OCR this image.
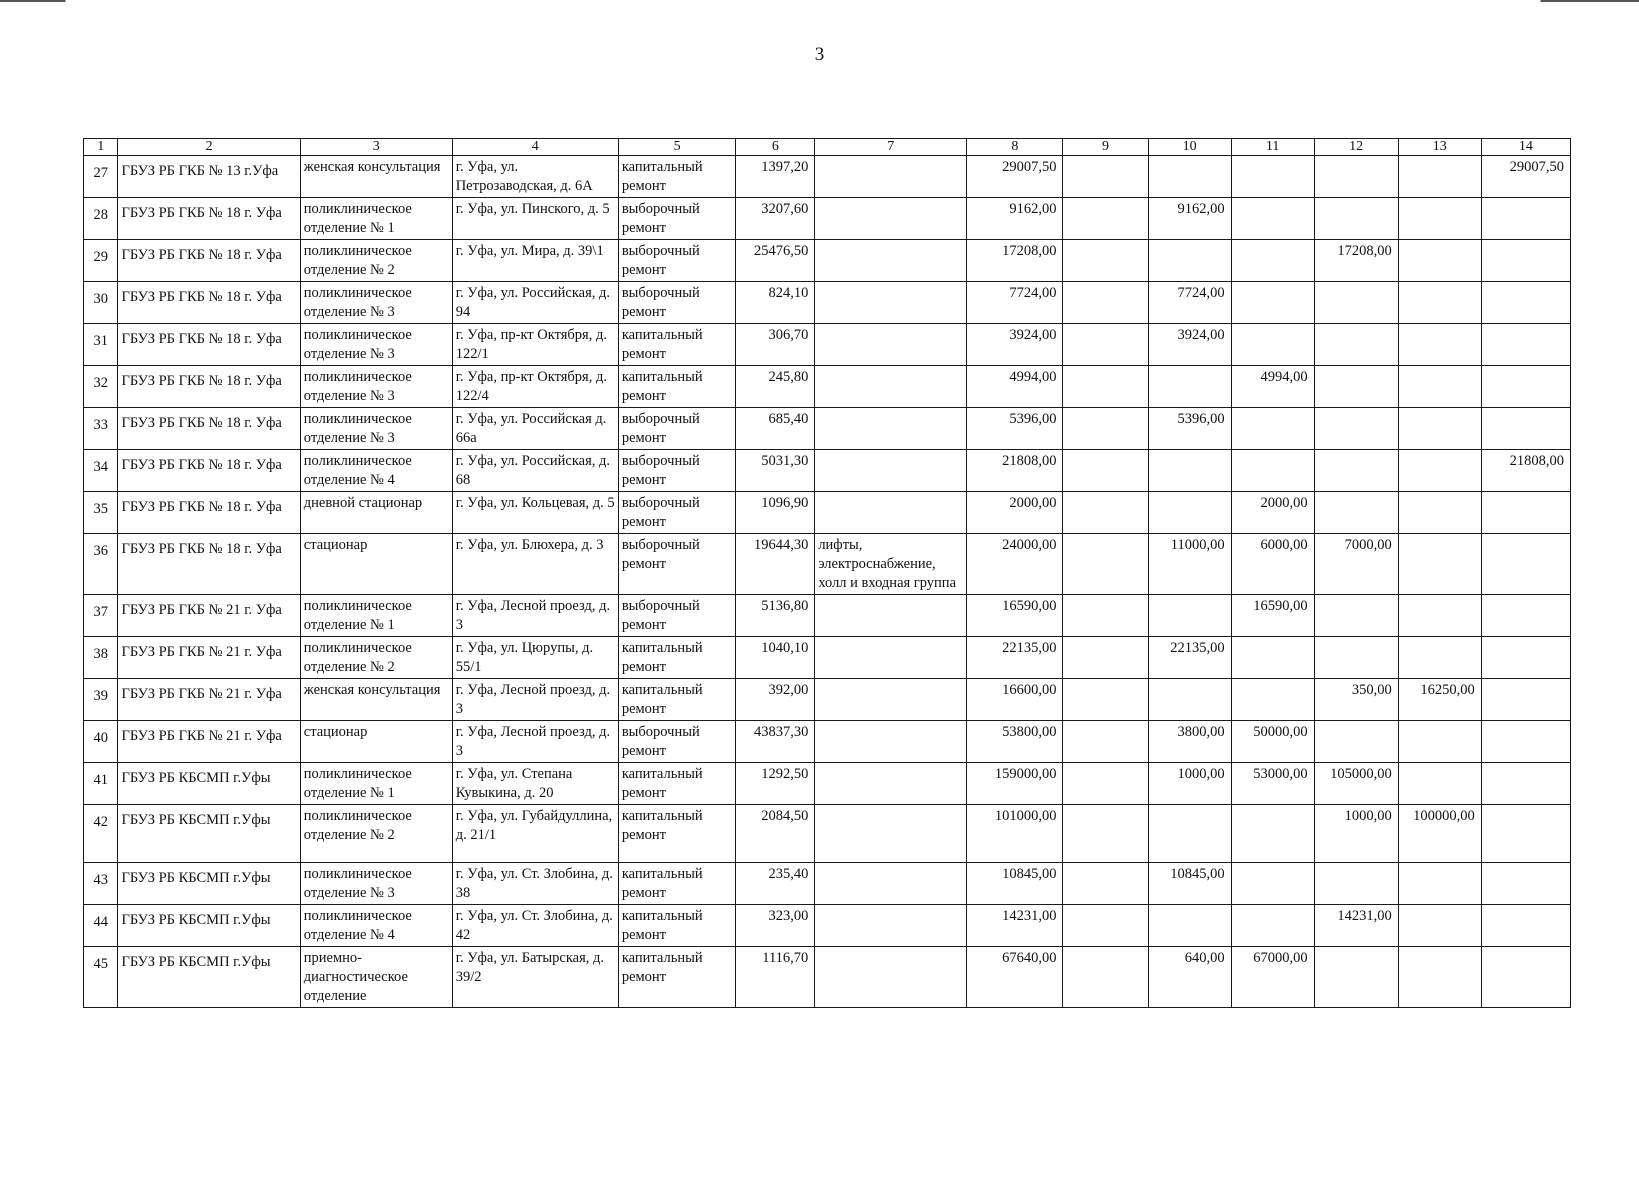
3
1	2	3	4	5	6	7	8	9	10	11	12	13	14
27	ГБУЗ РБ ГКБ № 13 г.Уфа	женская консультация	г. Уфа, ул. Петрозаводская, д. 6А	капитальный ремонт	1397,20		29007,50						29007,50
28	ГБУЗ РБ ГКБ № 18 г. Уфа	поликлиническое отделение № 1	г. Уфа, ул. Пинского, д. 5	выборочный ремонт	3207,60		9162,00		9162,00				
29	ГБУЗ РБ ГКБ № 18 г. Уфа	поликлиническое отделение № 2	г. Уфа, ул. Мира, д. 39\1	выборочный ремонт	25476,50		17208,00				17208,00		
30	ГБУЗ РБ ГКБ № 18 г. Уфа	поликлиническое отделение № 3	г. Уфа, ул. Российская, д. 94	выборочный ремонт	824,10		7724,00		7724,00				
31	ГБУЗ РБ ГКБ № 18 г. Уфа	поликлиническое отделение № 3	г. Уфа, пр-кт Октября, д. 122/1	капитальный ремонт	306,70		3924,00		3924,00				
32	ГБУЗ РБ ГКБ № 18 г. Уфа	поликлиническое отделение № 3	г. Уфа, пр-кт Октября, д. 122/4	капитальный ремонт	245,80		4994,00			4994,00			
33	ГБУЗ РБ ГКБ № 18 г. Уфа	поликлиническое отделение № 3	г. Уфа, ул. Российская д. 66а	выборочный ремонт	685,40		5396,00		5396,00				
34	ГБУЗ РБ ГКБ № 18 г. Уфа	поликлиническое отделение № 4	г. Уфа, ул. Российская, д. 68	выборочный ремонт	5031,30		21808,00						21808,00
35	ГБУЗ РБ ГКБ № 18 г. Уфа	дневной стационар	г. Уфа, ул. Кольцевая, д. 5	выборочный ремонт	1096,90		2000,00			2000,00			
36	ГБУЗ РБ ГКБ № 18 г. Уфа	стационар	г. Уфа, ул. Блюхера, д. 3	выборочный ремонт	19644,30	лифты, электроснабжение, холл и входная группа	24000,00		11000,00	6000,00	7000,00		
37	ГБУЗ РБ ГКБ № 21 г. Уфа	поликлиническое отделение № 1	г. Уфа, Лесной проезд, д. 3	выборочный ремонт	5136,80		16590,00			16590,00			
38	ГБУЗ РБ ГКБ № 21 г. Уфа	поликлиническое отделение № 2	г. Уфа, ул. Цюрупы, д. 55/1	капитальный ремонт	1040,10		22135,00		22135,00				
39	ГБУЗ РБ ГКБ № 21 г. Уфа	женская консультация	г. Уфа, Лесной проезд, д. 3	капитальный ремонт	392,00		16600,00				350,00	16250,00	
40	ГБУЗ РБ ГКБ № 21 г. Уфа	стационар	г. Уфа, Лесной проезд, д. 3	выборочный ремонт	43837,30		53800,00		3800,00	50000,00			
41	ГБУЗ РБ КБСМП г.Уфы	поликлиническое отделение № 1	г. Уфа, ул. Степана Кувыкина, д. 20	капитальный ремонт	1292,50		159000,00		1000,00	53000,00	105000,00		
42	ГБУЗ РБ КБСМП г.Уфы	поликлиническое отделение № 2	г. Уфа, ул. Губайдуллина, д. 21/1	капитальный ремонт	2084,50		101000,00				1000,00	100000,00	
43	ГБУЗ РБ КБСМП г.Уфы	поликлиническое отделение № 3	г. Уфа, ул. Ст. Злобина, д. 38	капитальный ремонт	235,40		10845,00		10845,00				
44	ГБУЗ РБ КБСМП г.Уфы	поликлиническое отделение № 4	г. Уфа, ул. Ст. Злобина, д. 42	капитальный ремонт	323,00		14231,00				14231,00		
45	ГБУЗ РБ КБСМП г.Уфы	приемно-диагностическое отделение	г. Уфа, ул. Батырская, д. 39/2	капитальный ремонт	1116,70		67640,00		640,00	67000,00			
